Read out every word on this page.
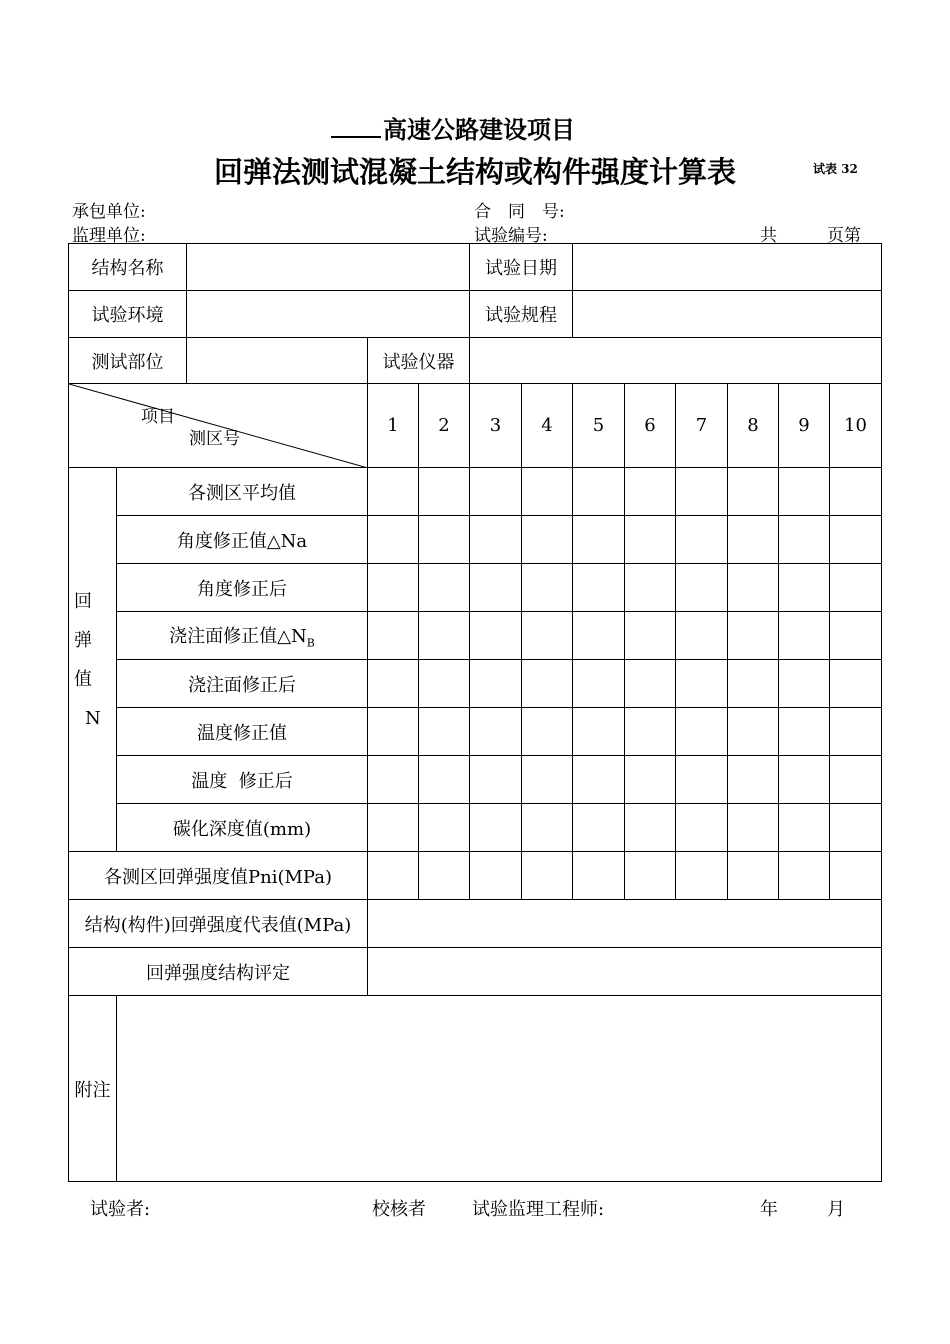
高速公路建设项目
回弹法测试混凝土结构或构件强度计算表	试表 32
承包单位:	合　同　号:
监理单位:	试验编号:	共	页第
结构名称					试验日期							
试验环境					试验规程							
测试部位			试验仪器									

项目
测区号			1	2	3	4	5	6	7	8	9	10

回
弹
值
N	各测区平均值											
	角度修正值△Na											
	角度修正后											
	浇注面修正值$\triangle N_B$										
	浇注面修正后											
	温度修正值											
	温度  修正后											
	碳化深度值(mm)											
各测区回弹强度值Pni(MPa)												
结构(构件)回弹强度代表值(MPa)												
回弹强度结构评定												
附注												
试验者:	校核者	试验监理工程师:	年	月
